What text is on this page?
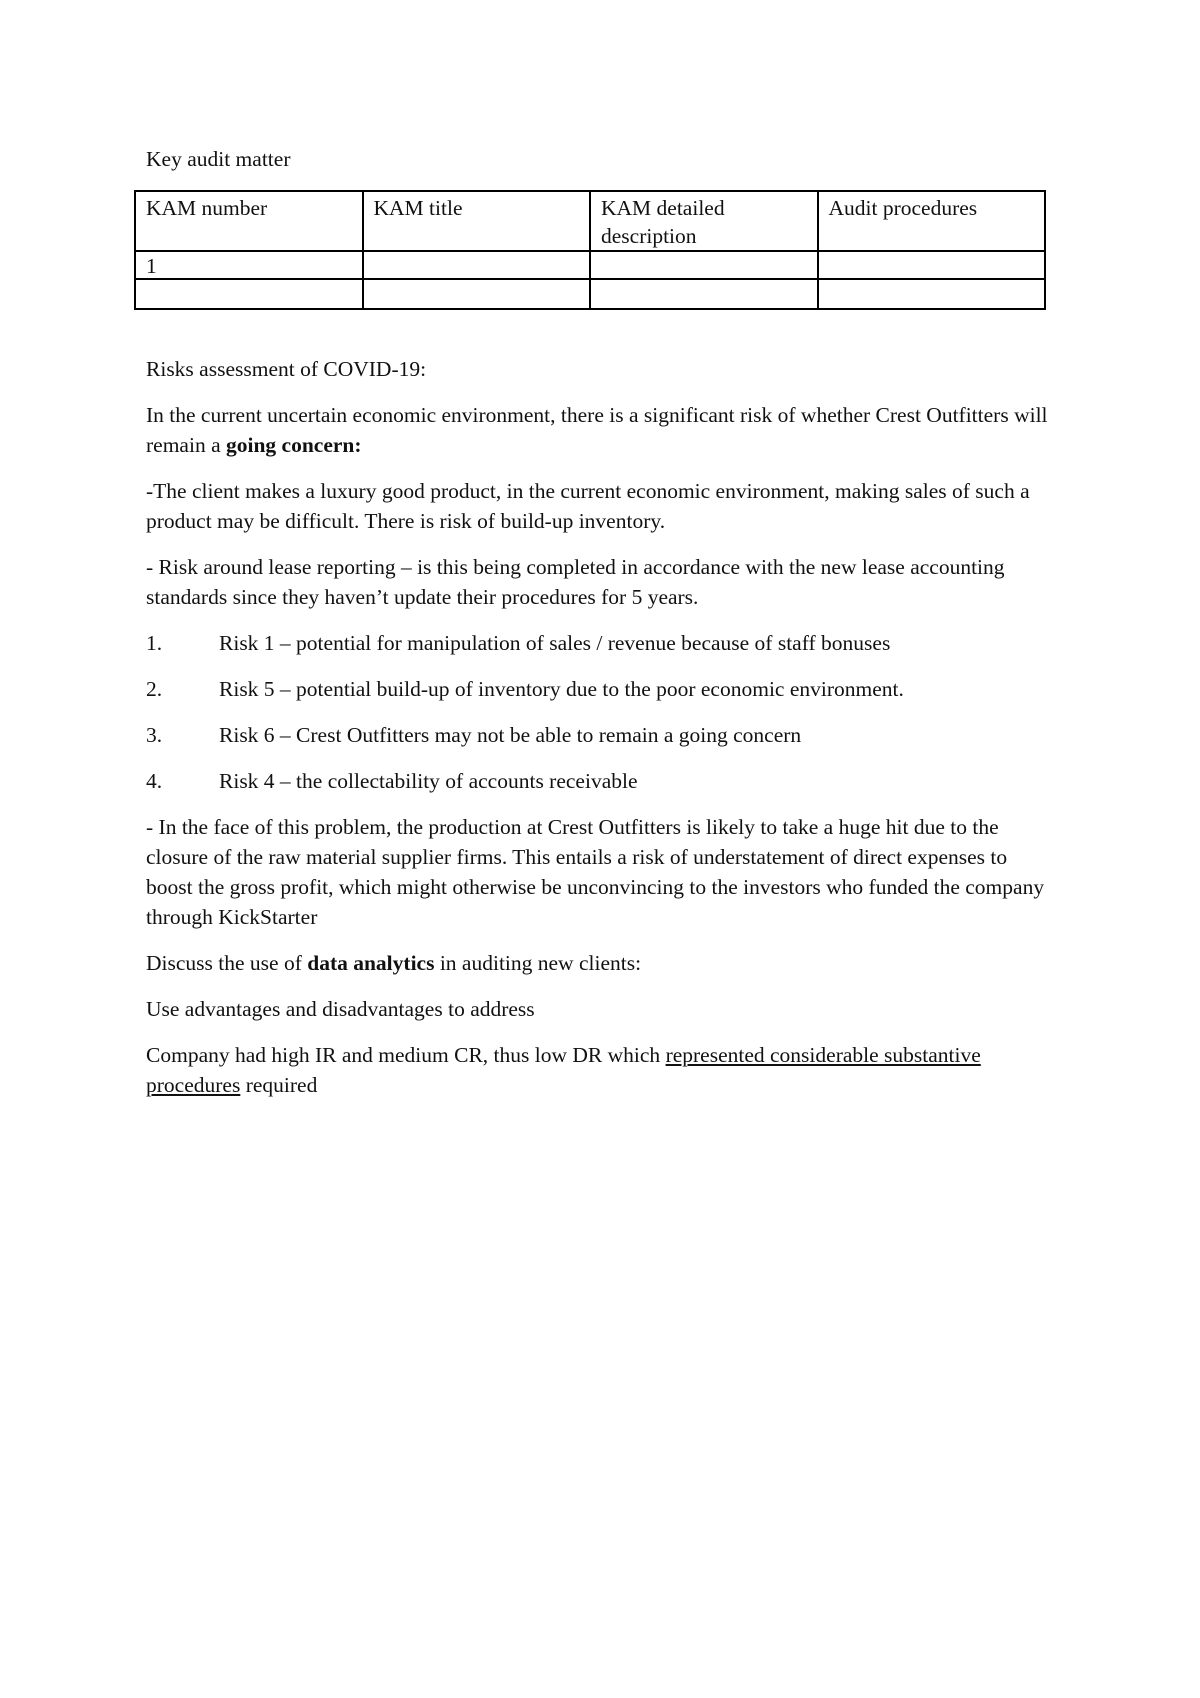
Key audit matter

KAM number	KAM title	KAM detailed description	Audit procedures
1			

Risks assessment of COVID-19:

In the current uncertain economic environment, there is a significant risk of whether Crest Outfitters will remain a going concern:

-The client makes a luxury good product, in the current economic environment, making sales of such a product may be difficult. There is risk of build-up inventory.

- Risk around lease reporting – is this being completed in accordance with the new lease accounting standards since they haven’t update their procedures for 5 years.

1.	Risk 1 – potential for manipulation of sales / revenue because of staff bonuses
2.	Risk 5 – potential build-up of inventory due to the poor economic environment.
3.	Risk 6 – Crest Outfitters may not be able to remain a going concern
4.	Risk 4 – the collectability of accounts receivable

- In the face of this problem, the production at Crest Outfitters is likely to take a huge hit due to the closure of the raw material supplier firms. This entails a risk of understatement of direct expenses to boost the gross profit, which might otherwise be unconvincing to the investors who funded the company through KickStarter

Discuss the use of data analytics in auditing new clients:

Use advantages and disadvantages to address

Company had high IR and medium CR, thus low DR which represented considerable substantive procedures required
